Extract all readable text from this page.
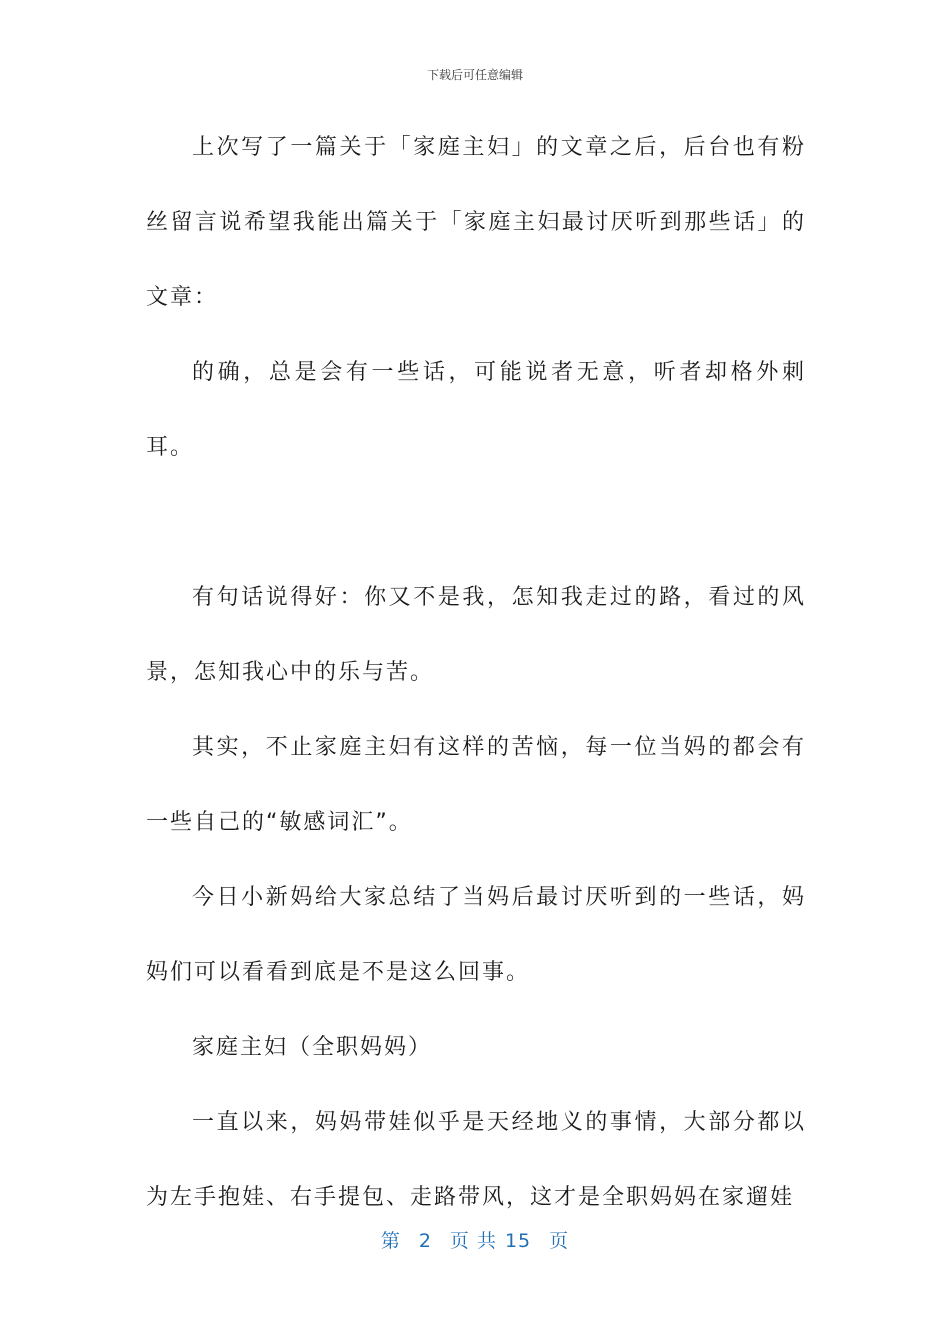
下载后可任意编辑

上次写了一篇关于「家庭主妇」的文章之后，后台也有粉丝留言说希望我能出篇关于「家庭主妇最讨厌听到那些话」的文章：

的确，总是会有一些话，可能说者无意，听者却格外刺耳。

有句话说得好：你又不是我，怎知我走过的路，看过的风景，怎知我心中的乐与苦。

其实，不止家庭主妇有这样的苦恼，每一位当妈的都会有一些自己的“敏感词汇”。

今日小新妈给大家总结了当妈后最讨厌听到的一些话，妈妈们可以看看到底是不是这么回事。

家庭主妇（全职妈妈）

一直以来，妈妈带娃似乎是天经地义的事情，大部分都以为左手抱娃、右手提包、走路带风，这才是全职妈妈在家遛娃

第 2 页 共 15 页
